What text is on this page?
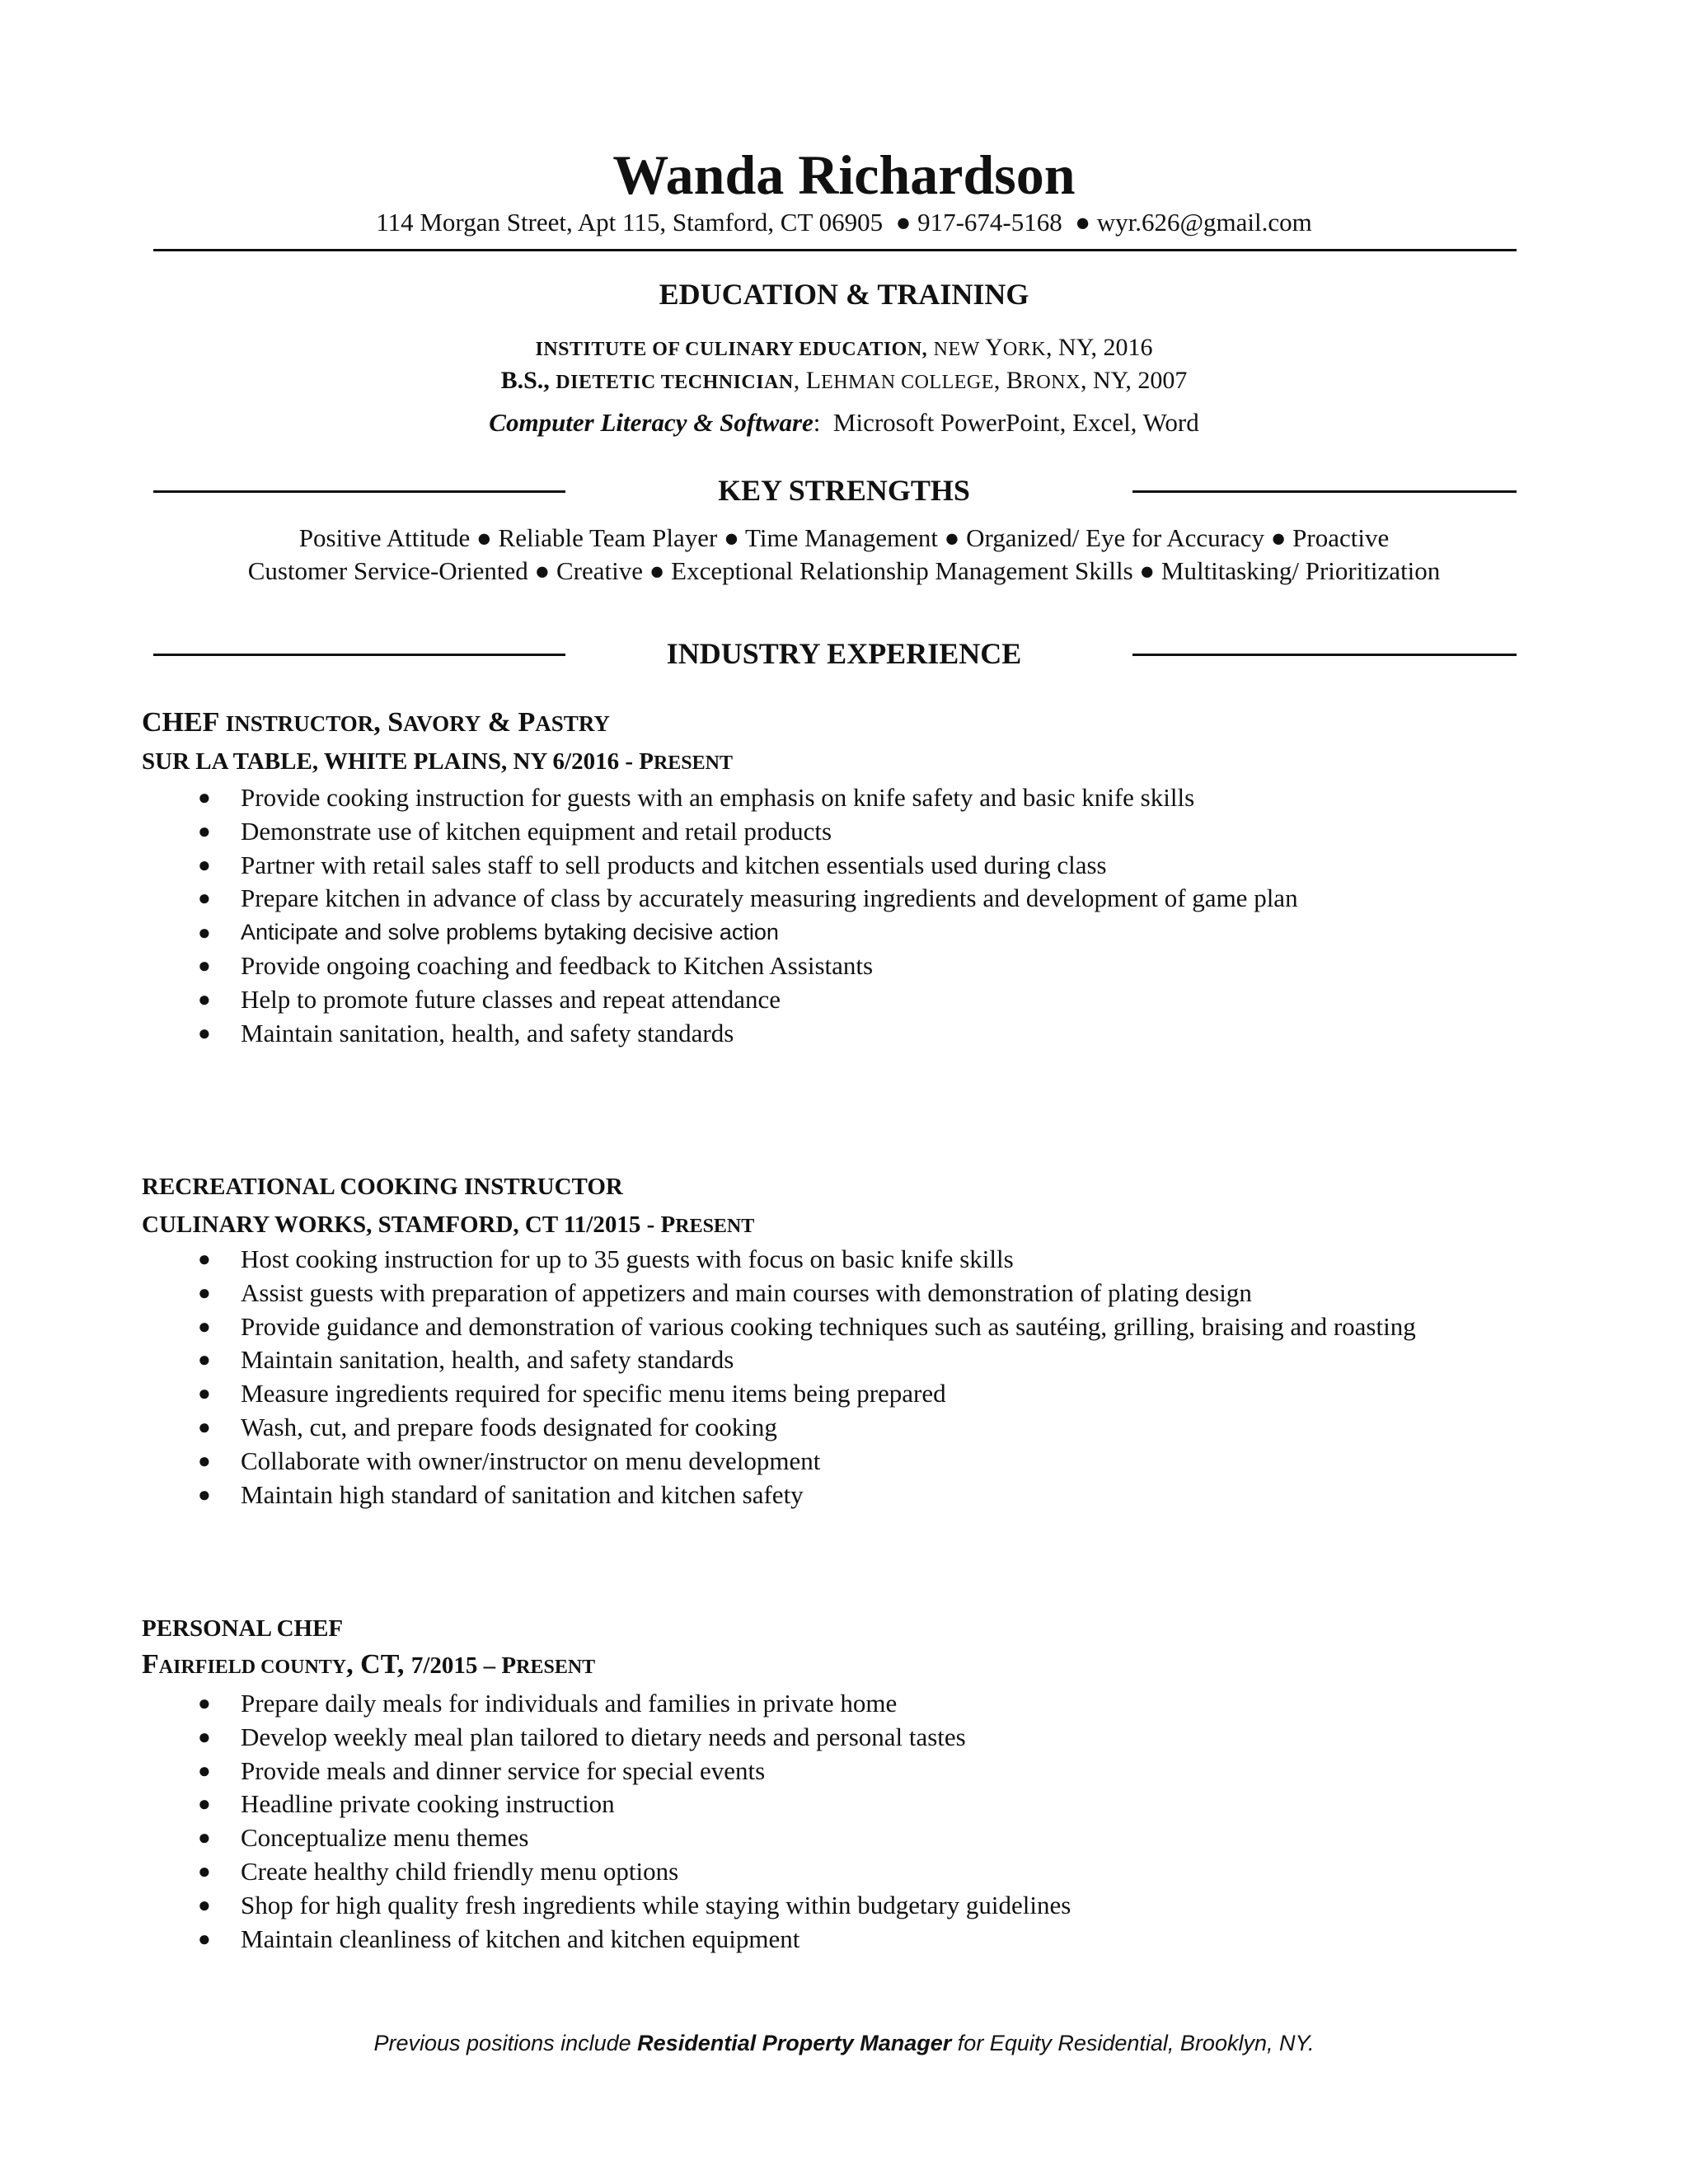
Wanda Richardson
114 Morgan Street, Apt 115, Stamford, CT 06905 ● 917-674-5168 ● wyr.626@gmail.com
EDUCATION & TRAINING
INSTITUTE OF CULINARY EDUCATION, NEW YORK, NY, 2016
B.S., DIETETIC TECHNICIAN, LEHMAN COLLEGE, BRONX, NY, 2007
Computer Literacy & Software:  Microsoft PowerPoint, Excel, Word
KEY STRENGTHS
Positive Attitude ● Reliable Team Player ● Time Management ● Organized/ Eye for Accuracy ● Proactive
Customer Service-Oriented ● Creative ● Exceptional Relationship Management Skills ● Multitasking/ Prioritization
INDUSTRY EXPERIENCE
CHEF INSTRUCTOR, SAVORY & PASTRY
SUR LA TABLE, WHITE PLAINS, NY 6/2016 - PRESENT
● Provide cooking instruction for guests with an emphasis on knife safety and basic knife skills
● Demonstrate use of kitchen equipment and retail products
● Partner with retail sales staff to sell products and kitchen essentials used during class
● Prepare kitchen in advance of class by accurately measuring ingredients and development of game plan
● Anticipate and solve problems bytaking decisive action
● Provide ongoing coaching and feedback to Kitchen Assistants
● Help to promote future classes and repeat attendance
● Maintain sanitation, health, and safety standards
RECREATIONAL COOKING INSTRUCTOR
CULINARY WORKS, STAMFORD, CT 11/2015 - PRESENT
● Host cooking instruction for up to 35 guests with focus on basic knife skills
● Assist guests with preparation of appetizers and main courses with demonstration of plating design
● Provide guidance and demonstration of various cooking techniques such as sautéing, grilling, braising and roasting
● Maintain sanitation, health, and safety standards
● Measure ingredients required for specific menu items being prepared
● Wash, cut, and prepare foods designated for cooking
● Collaborate with owner/instructor on menu development
● Maintain high standard of sanitation and kitchen safety
PERSONAL CHEF
FAIRFIELD COUNTY, CT, 7/2015 – PRESENT
● Prepare daily meals for individuals and families in private home
● Develop weekly meal plan tailored to dietary needs and personal tastes
● Provide meals and dinner service for special events
● Headline private cooking instruction
● Conceptualize menu themes
● Create healthy child friendly menu options
● Shop for high quality fresh ingredients while staying within budgetary guidelines
● Maintain cleanliness of kitchen and kitchen equipment
Previous positions include Residential Property Manager for Equity Residential, Brooklyn, NY.
